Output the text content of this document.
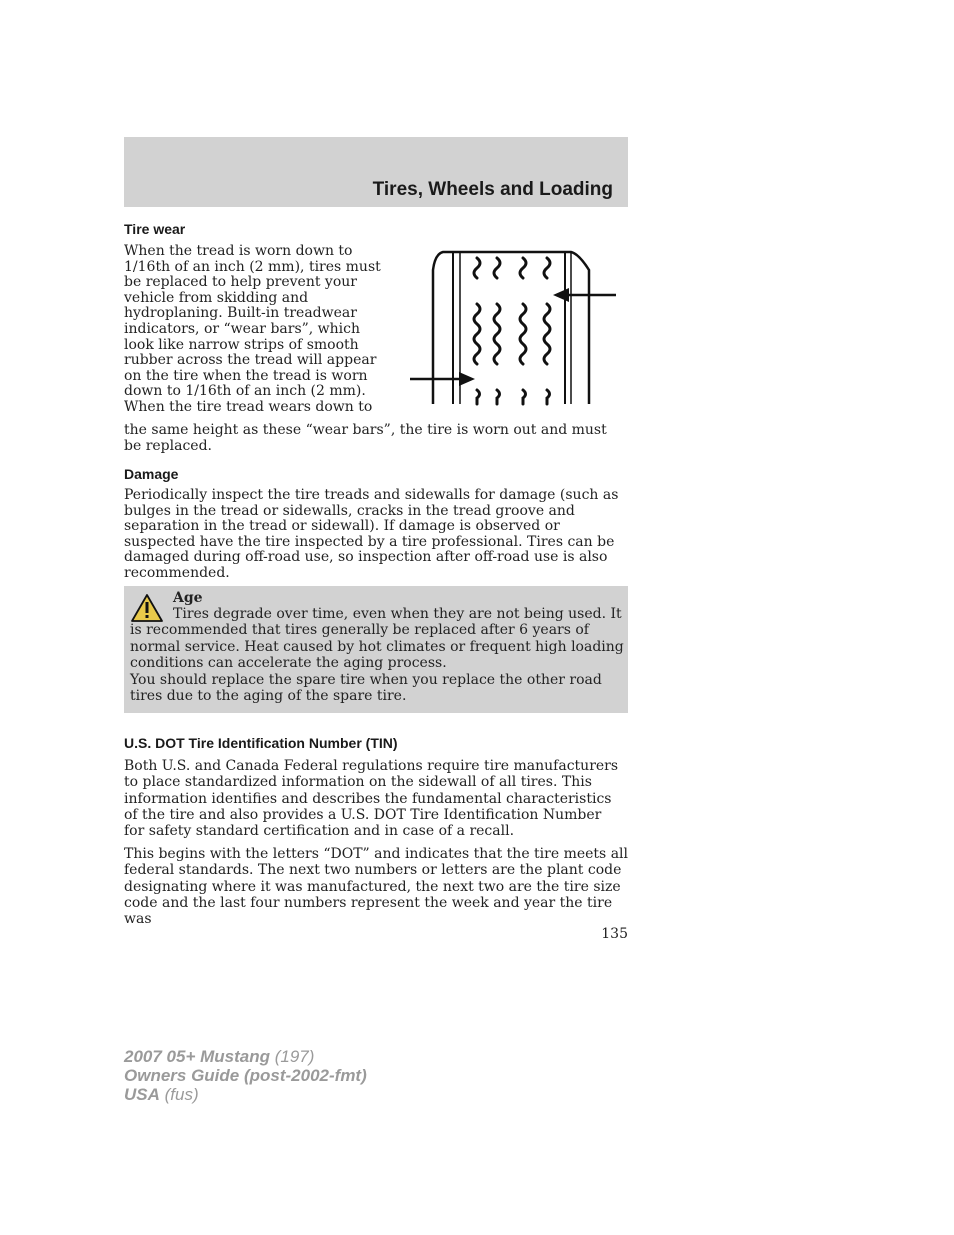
Tires, Wheels and Loading
Tire wear

When the tread is worn down to 1/16th of an inch (2 mm), tires must be replaced to help prevent your vehicle from skidding and hydroplaning. Built-in treadwear indicators, or “wear bars”, which look like narrow strips of smooth rubber across the tread will appear on the tire when the tread is worn down to 1/16th of an inch (2 mm). When the tire tread wears down to

the same height as these “wear bars”, the tire is worn out and must be replaced.

Damage

Periodically inspect the tire treads and sidewalls for damage (such as bulges in the tread or sidewalls, cracks in the tread groove and separation in the tread or sidewall). If damage is observed or suspected have the tire inspected by a tire professional. Tires can be damaged during off-road use, so inspection after off-road use is also recommended.

Age

Tires degrade over time, even when they are not being used. It is recommended that tires generally be replaced after 6 years of normal service. Heat caused by hot climates or frequent high loading conditions can accelerate the aging process.

You should replace the spare tire when you replace the other road tires due to the aging of the spare tire.

U.S. DOT Tire Identification Number (TIN)

Both U.S. and Canada Federal regulations require tire manufacturers to place standardized information on the sidewall of all tires. This information identifies and describes the fundamental characteristics of the tire and also provides a U.S. DOT Tire Identification Number for safety standard certification and in case of a recall.

This begins with the letters “DOT” and indicates that the tire meets all federal standards. The next two numbers or letters are the plant code designating where it was manufactured, the next two are the tire size code and the last four numbers represent the week and year the tire was

135

2007 05+ Mustang (197)
Owners Guide (post-2002-fmt)
USA (fus)
